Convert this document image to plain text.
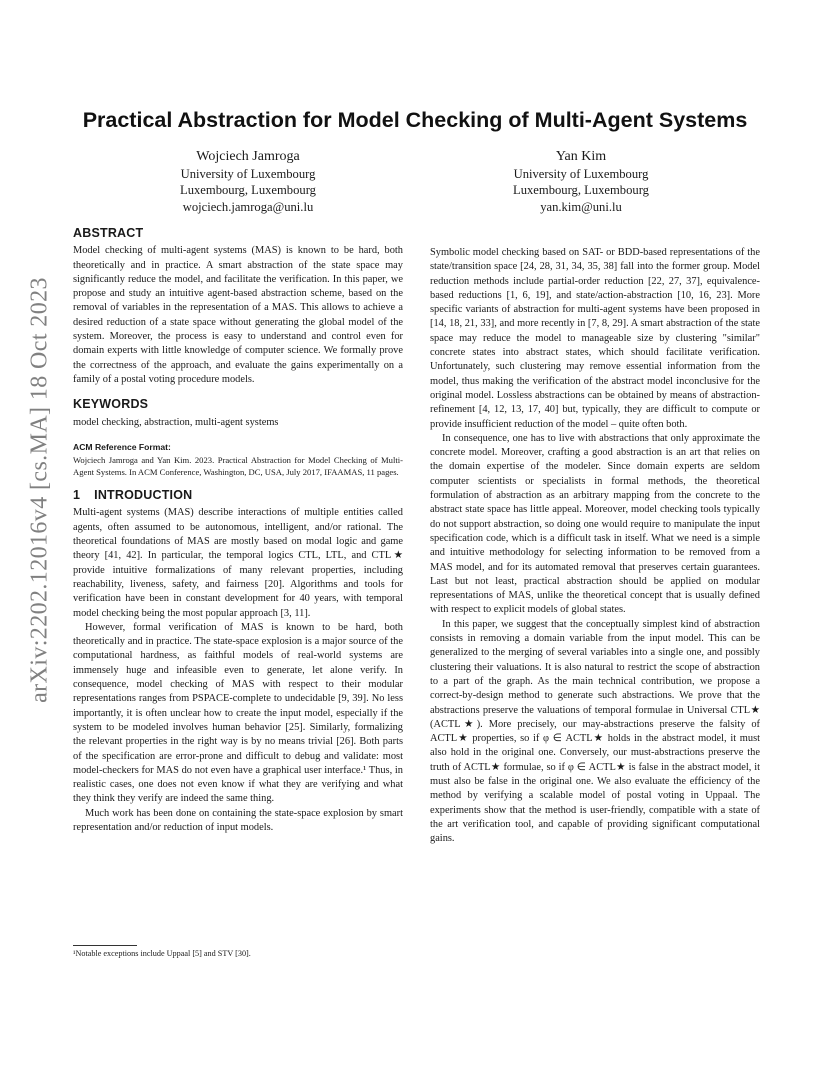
arXiv:2202.12016v4 [cs.MA] 18 Oct 2023
Practical Abstraction for Model Checking of Multi-Agent Systems
Wojciech Jamroga
University of Luxembourg
Luxembourg, Luxembourg
wojciech.jamroga@uni.lu
Yan Kim
University of Luxembourg
Luxembourg, Luxembourg
yan.kim@uni.lu
ABSTRACT

Model checking of multi-agent systems (MAS) is known to be hard, both theoretically and in practice. A smart abstraction of the state space may significantly reduce the model, and facilitate the verification. In this paper, we propose and study an intuitive agent-based abstraction scheme, based on the removal of variables in the representation of a MAS. This allows to achieve a desired reduction of a state space without generating the global model of the system. Moreover, the process is easy to understand and control even for domain experts with little knowledge of computer science. We formally prove the correctness of the approach, and evaluate the gains experimentally on a family of a postal voting procedure models.

KEYWORDS

model checking, abstraction, multi-agent systems

ACM Reference Format:

Wojciech Jamroga and Yan Kim. 2023. Practical Abstraction for Model Checking of Multi-Agent Systems. In ACM Conference, Washington, DC, USA, July 2017, IFAAMAS, 11 pages.

1 INTRODUCTION

Multi-agent systems (MAS) describe interactions of multiple entities called agents, often assumed to be autonomous, intelligent, and/or rational. The theoretical foundations of MAS are mostly based on modal logic and game theory [41, 42]. In particular, the temporal logics CTL, LTL, and CTL★ provide intuitive formalizations of many relevant properties, including reachability, liveness, safety, and fairness [20]. Algorithms and tools for verification have been in constant development for 40 years, with temporal model checking being the most popular approach [3, 11].

However, formal verification of MAS is known to be hard, both theoretically and in practice. The state-space explosion is a major source of the computational hardness, as faithful models of real-world systems are immensely huge and infeasible even to generate, let alone verify. In consequence, model checking of MAS with respect to their modular representations ranges from PSPACE-complete to undecidable [9, 39]. No less importantly, it is often unclear how to create the input model, especially if the system to be modeled involves human behavior [25]. Similarly, formalizing the relevant properties in the right way is by no means trivial [26]. Both parts of the specification are error-prone and difficult to debug and validate: most model-checkers for MAS do not even have a graphical user interface.¹ Thus, in realistic cases, one does not even know if what they are verifying and what they think they verify are indeed the same thing.

Much work has been done on containing the state-space explosion by smart representation and/or reduction of input models.

Symbolic model checking based on SAT- or BDD-based representations of the state/transition space [24, 28, 31, 34, 35, 38] fall into the former group. Model reduction methods include partial-order reduction [22, 27, 37], equivalence-based reductions [1, 6, 19], and state/action-abstraction [10, 16, 23]. More specific variants of abstraction for multi-agent systems have been proposed in [14, 18, 21, 33], and more recently in [7, 8, 29]. A smart abstraction of the state space may reduce the model to manageable size by clustering "similar" concrete states into abstract states, which should facilitate verification. Unfortunately, such clustering may remove essential information from the model, thus making the verification of the abstract model inconclusive for the original model. Lossless abstractions can be obtained by means of abstraction-refinement [4, 12, 13, 17, 40] but, typically, they are difficult to compute or provide insufficient reduction of the model – quite often both.

In consequence, one has to live with abstractions that only approximate the concrete model. Moreover, crafting a good abstraction is an art that relies on the domain expertise of the modeler. Since domain experts are seldom computer scientists or specialists in formal methods, the theoretical formulation of abstraction as an arbitrary mapping from the concrete to the abstract state space has little appeal. Moreover, model checking tools typically do not support abstraction, so doing one would require to manipulate the input specification code, which is a difficult task in itself. What we need is a simple and intuitive methodology for selecting information to be removed from a MAS model, and for its automated removal that preserves certain guarantees. Last but not least, practical abstraction should be applied on modular representations of MAS, unlike the theoretical concept that is usually defined with respect to explicit models of global states.

In this paper, we suggest that the conceptually simplest kind of abstraction consists in removing a domain variable from the input model. This can be generalized to the merging of several variables into a single one, and possibly clustering their valuations. It is also natural to restrict the scope of abstraction to a part of the graph. As the main technical contribution, we propose a correct-by-design method to generate such abstractions. We prove that the abstractions preserve the valuations of temporal formulae in Universal CTL★ (ACTL★). More precisely, our may-abstractions preserve the falsity of ACTL★ properties, so if φ ∈ ACTL★ holds in the abstract model, it must also hold in the original one. Conversely, our must-abstractions preserve the truth of ACTL★ formulae, so if φ ∈ ACTL★ is false in the abstract model, it must also be false in the original one. We also evaluate the efficiency of the method by verifying a scalable model of postal voting in Uppaal. The experiments show that the method is user-friendly, compatible with a state of the art verification tool, and capable of providing significant computational gains.

¹Notable exceptions include Uppaal [5] and STV [30].
